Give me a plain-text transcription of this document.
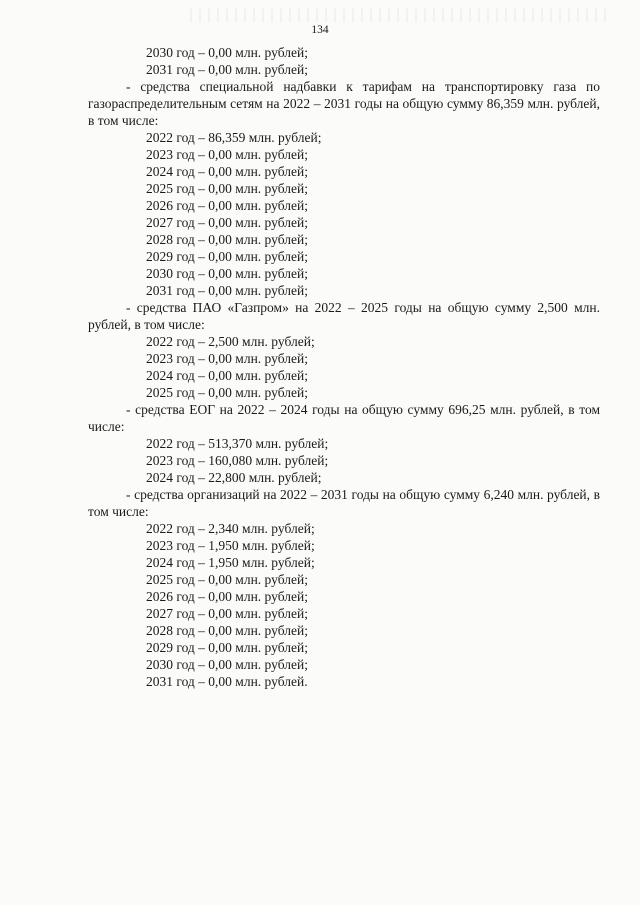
134
2030 год – 0,00 млн. рублей;
2031 год – 0,00 млн. рублей;
- средства специальной надбавки к тарифам на транспортировку газа по газораспределительным сетям на 2022 – 2031 годы на общую сумму 86,359 млн. рублей, в том числе:
2022 год – 86,359 млн. рублей;
2023 год – 0,00 млн. рублей;
2024 год – 0,00 млн. рублей;
2025 год – 0,00 млн. рублей;
2026 год – 0,00 млн. рублей;
2027 год – 0,00 млн. рублей;
2028 год – 0,00 млн. рублей;
2029 год – 0,00 млн. рублей;
2030 год – 0,00 млн. рублей;
2031 год – 0,00 млн. рублей;
- средства ПАО «Газпром» на 2022 – 2025 годы на общую сумму 2,500 млн. рублей, в том числе:
2022 год – 2,500 млн. рублей;
2023 год – 0,00 млн. рублей;
2024 год – 0,00 млн. рублей;
2025 год – 0,00 млн. рублей;
- средства ЕОГ на 2022 – 2024 годы на общую сумму 696,25 млн. рублей, в том числе:
2022 год – 513,370 млн. рублей;
2023 год – 160,080 млн. рублей;
2024 год – 22,800 млн. рублей;
- средства организаций на 2022 – 2031 годы на общую сумму 6,240 млн. рублей, в том числе:
2022 год – 2,340 млн. рублей;
2023 год – 1,950 млн. рублей;
2024 год – 1,950 млн. рублей;
2025 год – 0,00 млн. рублей;
2026 год – 0,00 млн. рублей;
2027 год – 0,00 млн. рублей;
2028 год – 0,00 млн. рублей;
2029 год – 0,00 млн. рублей;
2030 год – 0,00 млн. рублей;
2031 год – 0,00 млн. рублей.
